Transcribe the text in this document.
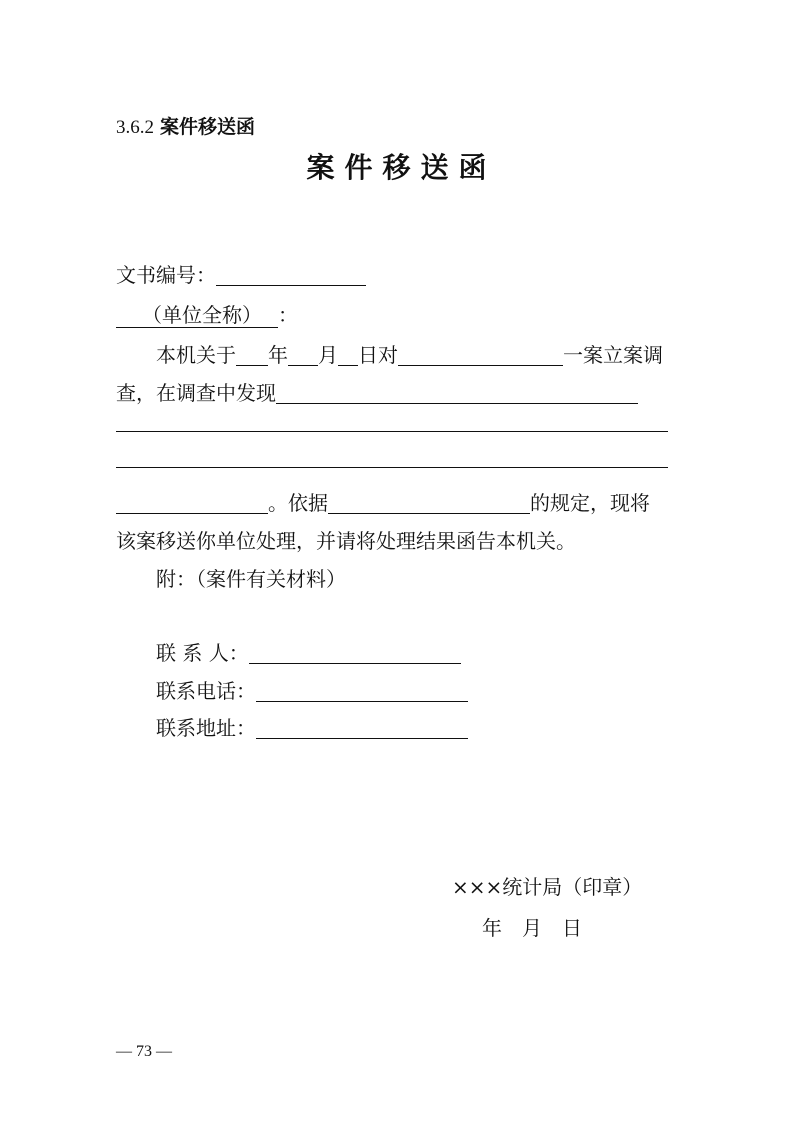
3.6.2 案件移送函
案件移送函
文书编号：
（单位全称） ：
本机关于 年 月 日对	一案立案调
查，在调查中发现
。依据	的规定，现将
该案移送你单位处理，并请将处理结果函告本机关。
附：（案件有关材料）
联 系 人：
联系电话：
联系地址：
×××统计局（印章）
年　月　日
— 73 —
